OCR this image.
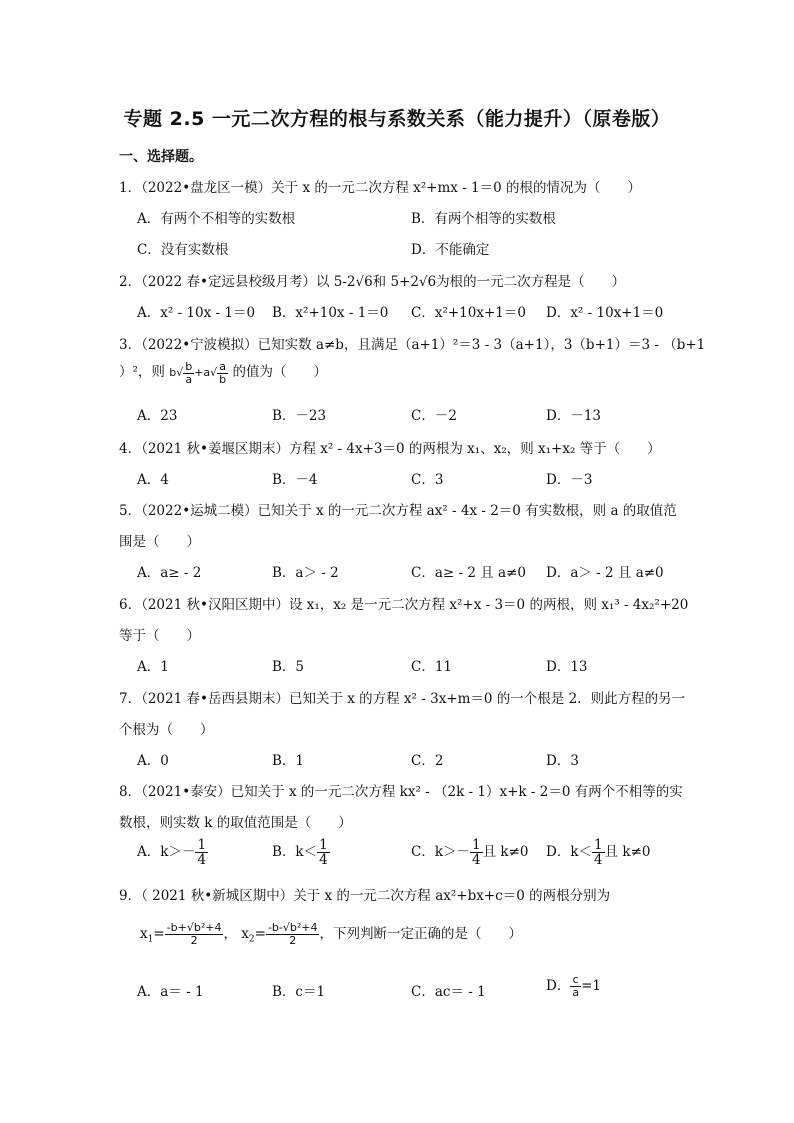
专题 2.5 一元二次方程的根与系数关系（能力提升）（原卷版）
一、选择题。
1．（2022•盘龙区一模）关于 x 的一元二次方程 x²+mx - 1＝0 的根的情况为（　　）
A．有两个不相等的实数根	B．有两个相等的实数根
C．没有实数根	D．不能确定
2．（2022 春•定远县校级月考）以 5-2√6和 5+2√6为根的一元二次方程是（　　）
A．x² - 10x - 1＝0 B．x²+10x - 1＝0 C．x²+10x+1＝0 D．x² - 10x+1＝0
3．（2022•宁波模拟）已知实数 a≠b，且满足（a+1）²＝3 - 3（a+1），3（b+1）＝3 - （b+1
）²，则 $b√ \frac{b}{a} +a√ \frac{a}{b}$ 的值为（　　）
A．23	B．－23	C．－2	D．－13
4．（2021 秋•姜堰区期末）方程 x² - 4x+3＝0 的两根为 x₁、x₂，则 x₁+x₂ 等于（　　）
A．4	B．－4	C．3	D．－3
5．（2022•运城二模）已知关于 x 的一元二次方程 ax² - 4x - 2＝0 有实数根，则 a 的取值范
围是（　　）
A．a≥ - 2	B．a＞ - 2	C．a≥ - 2 且 a≠0 D．a＞ - 2 且 a≠0
6．（2021 秋•汉阳区期中）设 x₁，x₂ 是一元二次方程 x²+x - 3＝0 的两根，则 x₁³ - 4x₂²+20
等于（　　）
A．1	B．5	C．11	D．13
7．（2021 春•岳西县期末）已知关于 x 的方程 x² - 3x+m＝0 的一个根是 2．则此方程的另一
个根为（　　）
A．0	B．1	C．2	D．3
8．（2021•泰安）已知关于 x 的一元二次方程 kx² - （2k - 1）x+k - 2＝0 有两个不相等的实
数根，则实数 k 的取值范围是（　　）
A．$k>- \frac{1}{4}$	B．$k< \frac{1}{4}$	C．$k>- \frac{1}{4}$ 且 k≠0 D．$k< \frac{1}{4}$ 且 k≠0
9．（ 2021 秋•新城区期中）关于 x 的一元二次方程 ax²+bx+c＝0 的两根分别为
$x_1= \frac{\text{-b+√b²+4}}{2}$ ， $x_2= \frac{\text{-b-√b²+4}}{2}$ ，下列判断一定正确的是（　　）
A．a＝ - 1	B．c＝1	C．ac＝ - 1	D． $\frac{c}{a} =1$
